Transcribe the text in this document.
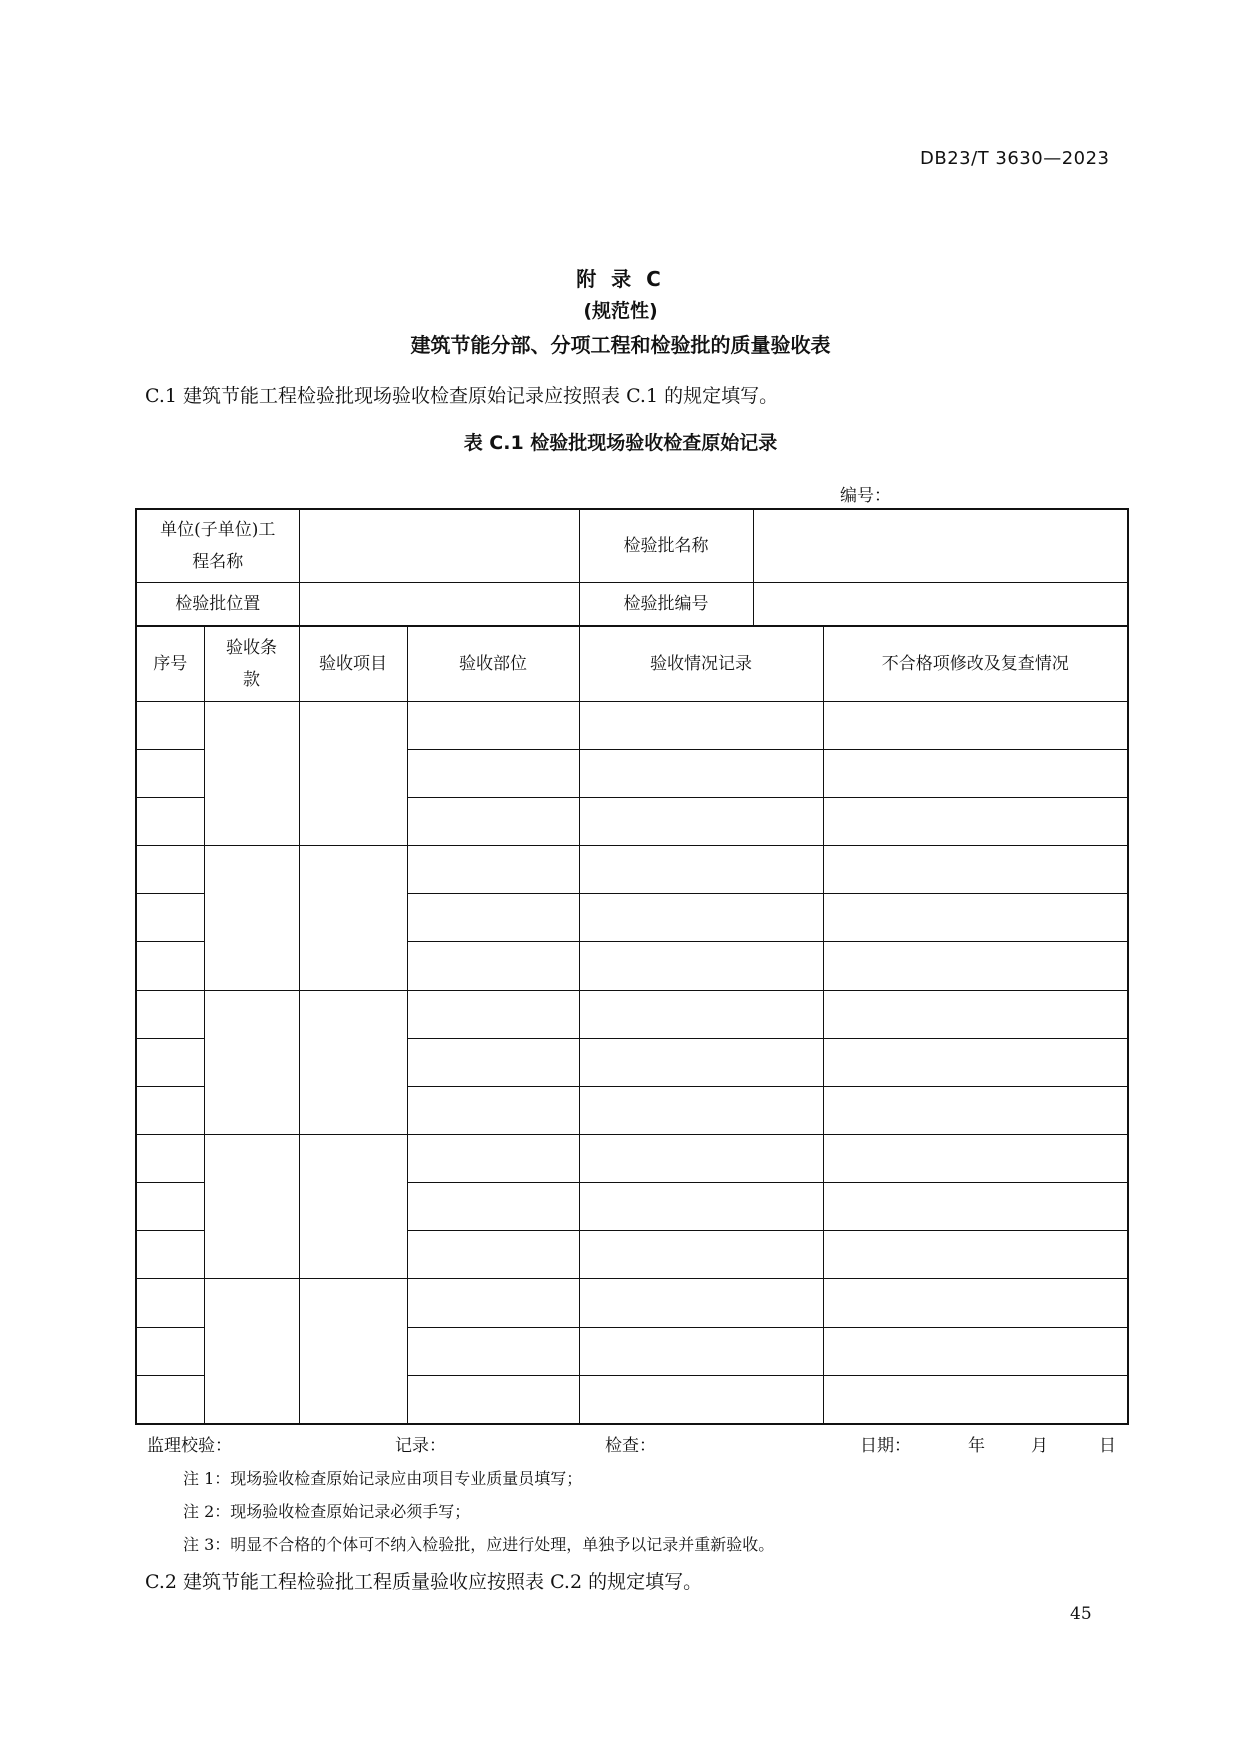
DB23/T 3630—2023
附 录 C
(规范性)
建筑节能分部、分项工程和检验批的质量验收表
C.1 建筑节能工程检验批现场验收检查原始记录应按照表 C.1 的规定填写。
表 C.1 检验批现场验收检查原始记录
编号：
单位(子单位)工
程名称				检验批名称		
检验批位置				检验批编号		
序号	验收条
款	验收项目	验收部位	验收情况记录		不合格项修改及复查情况

监理校验：	记录：	检查：	日期：	年	月	日
注 1：现场验收检查原始记录应由项目专业质量员填写；
注 2：现场验收检查原始记录必须手写；
注 3：明显不合格的个体可不纳入检验批，应进行处理，单独予以记录并重新验收。
C.2 建筑节能工程检验批工程质量验收应按照表 C.2 的规定填写。
45
